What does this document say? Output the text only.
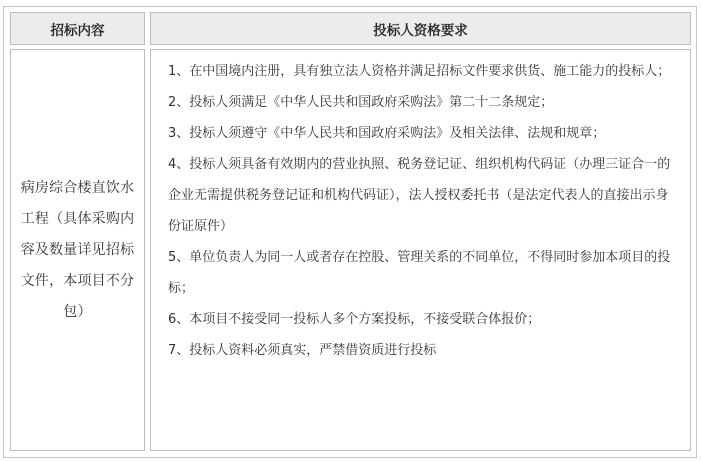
招标内容	投标人资格要求
病房综合楼直饮水工程（具体采购内容及数量详见招标文件，本项目不分包）

1、在中国境内注册，具有独立法人资格并满足招标文件要求供货、施工能力的投标人；

2、投标人须满足《中华人民共和国政府采购法》第二十二条规定；

3、投标人须遵守《中华人民共和国政府采购法》及相关法律、法规和规章；

4、投标人须具备有效期内的营业执照、税务登记证、组织机构代码证（办理三证合一的企业无需提供税务登记证和机构代码证），法人授权委托书（是法定代表人的直接出示身份证原件）

5、单位负责人为同一人或者存在控股、管理关系的不同单位，不得同时参加本项目的投标；

6、本项目不接受同一投标人多个方案投标，不接受联合体报价；

7、投标人资料必须真实，严禁借资质进行投标
